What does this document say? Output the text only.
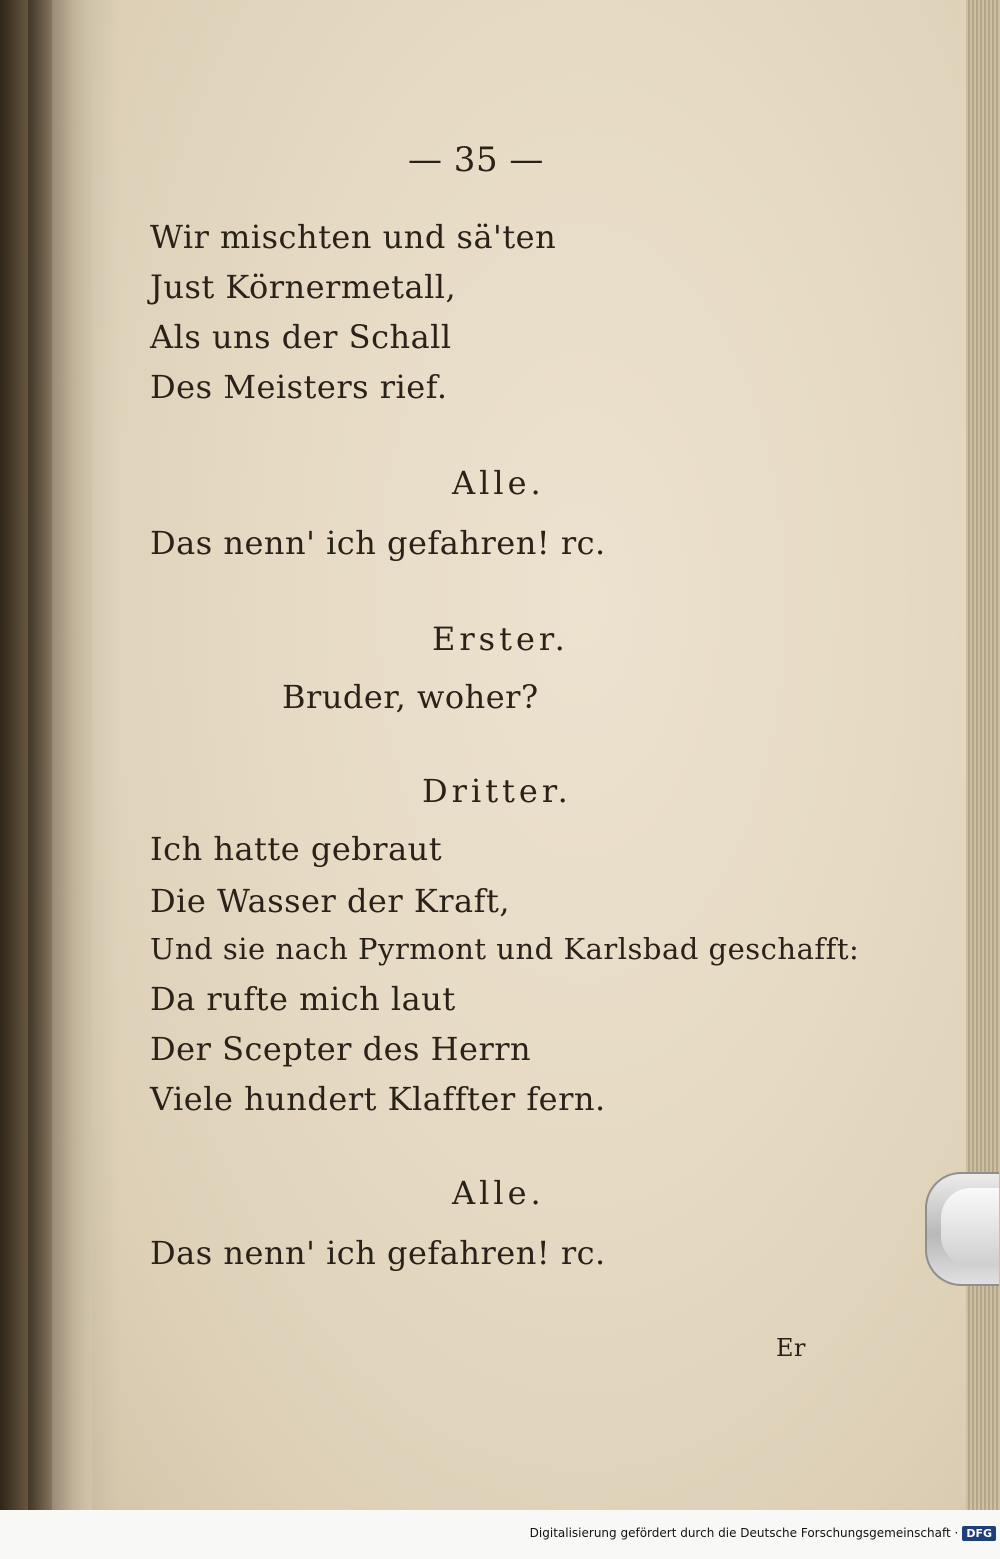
— 35 —
Wir mischten und sä'ten
Just Körnermetall,
Als uns der Schall
Des Meisters rief.
Alle.
Das nenn' ich gefahren! rc.
Erster.
Bruder, woher?
Dritter.
Ich hatte gebraut
Die Wasser der Kraft,
Und sie nach Pyrmont und Karlsbad geschafft:
Da rufte mich laut
Der Scepter des Herrn
Viele hundert Klaffter fern.
Alle.
Das nenn' ich gefahren! rc.
Er
Digitalisierung gefördert durch die Deutsche Forschungsgemeinschaft · DFG
